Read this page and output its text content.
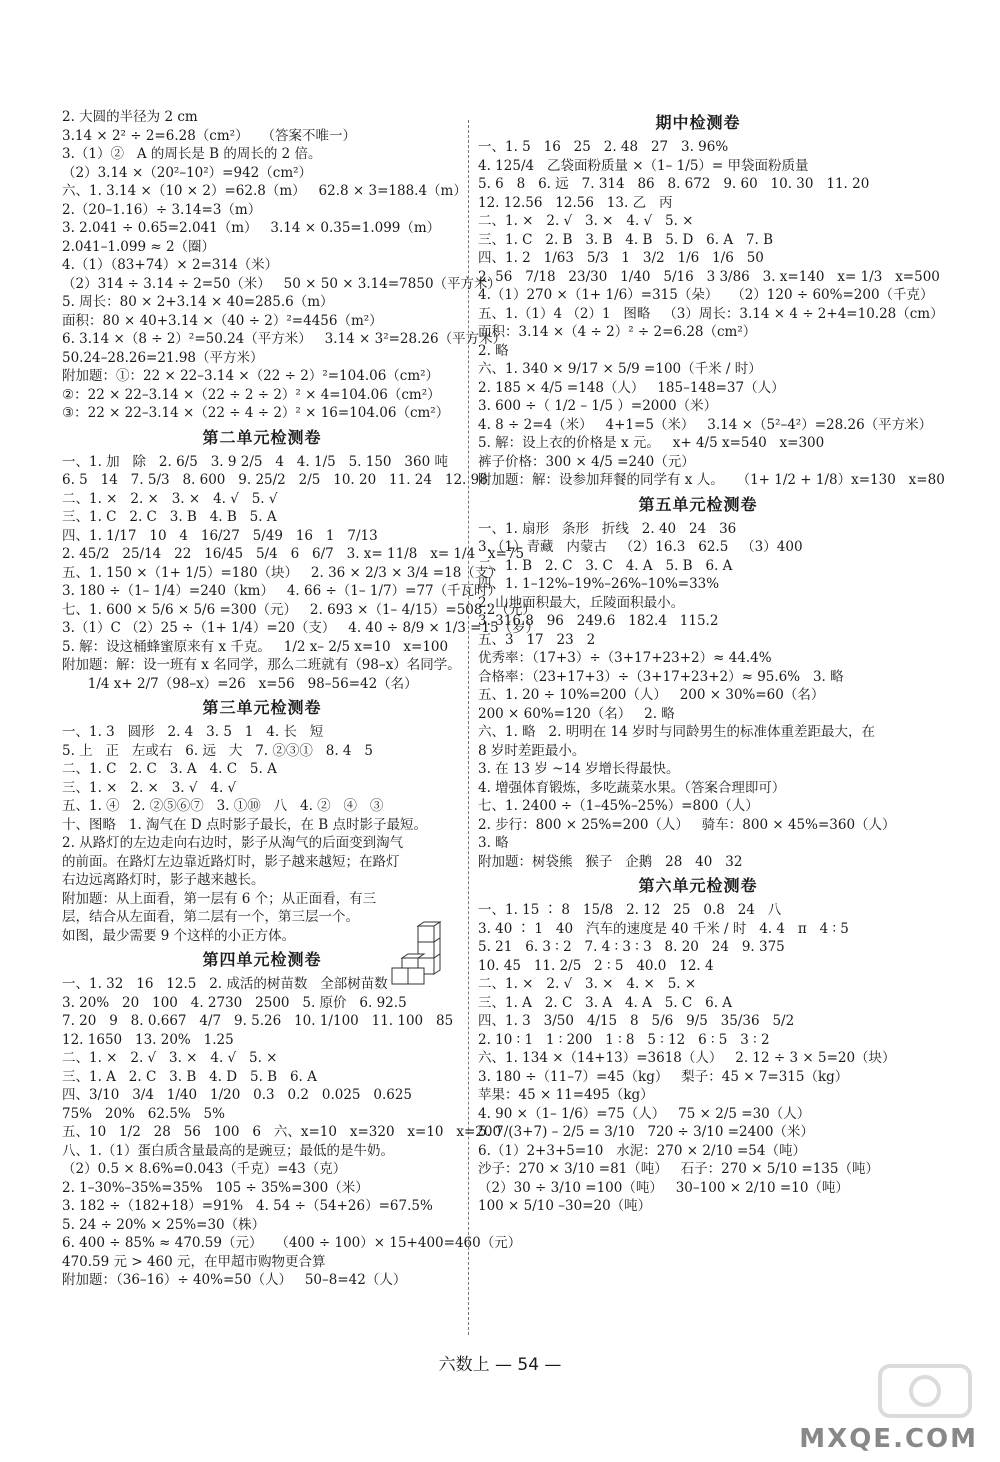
2. 大圆的半径为 2 cm
3.14 × 2² ÷ 2=6.28（cm²）   （答案不唯一）
3.（1）②   A 的周长是 B 的周长的 2 倍。
（2）3.14 ×（20²–10²）=942（cm²）
六、1. 3.14 ×（10 × 2）=62.8（m）   62.8 × 3=188.4（m）
2.（20–1.16）÷ 3.14=3（m）
3. 2.041 ÷ 0.65=2.041（m）   3.14 × 0.35=1.099（m）
2.041–1.099 ≈ 2（圈）
4.（1）（83+74）× 2=314（米）
（2）314 ÷ 3.14 ÷ 2=50（米）   50 × 50 × 3.14=7850（平方米）
5. 周长：80 × 2+3.14 × 40=285.6（m）
面积：80 × 40+3.14 ×（40 ÷ 2）²=4456（m²）
6. 3.14 ×（8 ÷ 2）²=50.24（平方米）   3.14 × 3²=28.26（平方米）
50.24–28.26=21.98（平方米）
附加题：①：22 × 22–3.14 ×（22 ÷ 2）²=104.06（cm²）
②：22 × 22–3.14 ×（22 ÷ 2 ÷ 2）² × 4=104.06（cm²）
③：22 × 22–3.14 ×（22 ÷ 4 ÷ 2）² × 16=104.06（cm²）
第二单元检测卷
一、1. 加   除   2. 6/5   3. 9 2/5   4   4. 1/5   5. 150   360 吨
6. 5   14   7. 5/3   8. 600   9. 25/2   2/5   10. 20   11. 24   12. 98
二、1. ×   2. ×   3. ×   4. √   5. √
三、1. C   2. C   3. B   4. B   5. A
四、1. 1/17   10   4   16/27   5/49   16   1   7/13
2. 45/2   25/14   22   16/45   5/4   6   6/7   3. x= 11/8   x= 1/4   x=75
五、1. 150 ×（1+ 1/5）=180（块）   2. 36 × 2/3 × 3/4 =18（支）
3. 180 ÷（1– 1/4）=240（km）   4. 66 ÷（1– 1/7）=77（千瓦时）
七、1. 600 × 5/6 × 5/6 =300（元）   2. 693 ×（1– 4/15）=508.2（元）
3.（1）C （2）25 ÷（1+ 1/4）=20（支）   4. 40 ÷ 8/9 × 1/3 =15（岁）
5. 解：设这桶蜂蜜原来有 x 千克。   1/2 x– 2/5 x=10   x=100
附加题：解：设一班有 x 名同学，那么二班就有（98–x）名同学。
1/4 x+ 2/7（98–x）=26   x=56   98–56=42（名）
第三单元检测卷
一、1. 3   圆形   2. 4   3. 5   1   4. 长   短
5. 上   正   左或右   6. 远   大   7. ②③①   8. 4   5
二、1. C   2. C   3. A   4. C   5. A
三、1. ×   2. ×   3. √   4. √
五、1. ④   2. ②⑤⑥⑦   3. ①⑩   八   4. ②   ④   ③
十、图略   1. 淘气在 D 点时影子最长，在 B 点时影子最短。
2. 从路灯的左边走向右边时，影子从淘气的后面变到淘气
的前面。在路灯左边靠近路灯时，影子越来越短；在路灯
右边远离路灯时，影子越来越长。
附加题：从上面看，第一层有 6 个；从正面看，有三
层，结合从左面看，第二层有一个，第三层一个。
如图，最少需要 9 个这样的小正方体。
第四单元检测卷
一、1. 32   16   12.5   2. 成活的树苗数   全部树苗数
3. 20%   20   100   4. 2730   2500   5. 原价   6. 92.5
7. 20   9   8. 0.667   4/7   9. 5.26   10. 1/100   11. 100   85
12. 1650   13. 20%   1.25
二、1. ×   2. √   3. ×   4. √   5. ×
三、1. A   2. C   3. B   4. D   5. B   6. A
四、3/10   3/4   1/40   1/20   0.3   0.2   0.025   0.625
75%   20%   62.5%   5%
五、10   1/2   28   56   100   6   六、x=10   x=320   x=10   x=200
八、1.（1）蛋白质含量最高的是豌豆；最低的是牛奶。
（2）0.5 × 8.6%=0.043（千克）=43（克）
2. 1–30%–35%=35%   105 ÷ 35%=300（米）
3. 182 ÷（182+18）=91%   4. 54 ÷（54+26）=67.5%
5. 24 ÷ 20% × 25%=30（株）
6. 400 ÷ 85% ≈ 470.59（元）   （400 ÷ 100）× 15+400=460（元）
470.59 元 > 460 元，在甲超市购物更合算
附加题：（36–16）÷ 40%=50（人）   50–8=42（人）
期中检测卷
一、1. 5   16   25   2. 48   27   3. 96%
4. 125/4   乙袋面粉质量 ×（1– 1/5）= 甲袋面粉质量
5. 6   8   6. 远   7. 314   86   8. 672   9. 60   10. 30   11. 20
12. 12.56   12.56   13. 乙   丙
二、1. ×   2. √   3. ×   4. √   5. ×
三、1. C   2. B   3. B   4. B   5. D   6. A   7. B
四、1. 2   1/63   5/3   1   3/2   1/6   1/6   50
2. 56   7/18   23/30   1/40   5/16   3 3/86   3. x=140   x= 1/3   x=500
4.（1）270 ×（1+ 1/6）=315（朵）   （2）120 ÷ 60%=200（千克）
五、1.（1）4 （2）1   图略   （3）周长：3.14 × 4 ÷ 2+4=10.28（cm）
面积：3.14 ×（4 ÷ 2）² ÷ 2=6.28（cm²）
2. 略
六、1. 340 × 9/17 × 5/9 =100（千米 / 时）
2. 185 × 4/5 =148（人）   185–148=37（人）
3. 600 ÷（ 1/2 – 1/5 ）=2000（米）
4. 8 ÷ 2=4（米）   4+1=5（米）   3.14 ×（5²–4²）=28.26（平方米）
5. 解：设上衣的价格是 x 元。   x+ 4/5 x=540   x=300
裤子价格：300 × 4/5 =240（元）
附加题：解：设参加拜餐的同学有 x 人。   （1+ 1/2 + 1/8）x=130   x=80
第五单元检测卷
一、1. 扇形   条形   折线   2. 40   24   36
3.（1）青藏   内蒙古   （2）16.3   62.5   （3）400
二、1. B   2. C   3. C   4. A   5. B   6. A
四、1. 1–12%–19%–26%–10%=33%
2. 山地面积最大，丘陵面积最小。
3. 316.8   96   249.6   182.4   115.2
五、3   17   23   2
优秀率：（17+3）÷（3+17+23+2）≈ 44.4%
合格率：（23+17+3）÷（3+17+23+2）≈ 95.6%   3. 略
五、1. 20 ÷ 10%=200（人）   200 × 30%=60（名）
200 × 60%=120（名）   2. 略
六、1. 略   2. 明明在 14 岁时与同龄男生的标准体重差距最大，在
8 岁时差距最小。
3. 在 13 岁 ~14 岁增长得最快。
4. 增强体育锻炼，多吃蔬菜水果。（答案合理即可）
七、1. 2400 ÷（1–45%–25%）=800（人）
2. 步行：800 × 25%=200（人）   骑车：800 × 45%=360（人）
3. 略
附加题：树袋熊   猴子   企鹅   28   40   32
第六单元检测卷
一、1. 15 ∶ 8   15/8   2. 12   25   0.8   24   八
3. 40 ∶ 1   40   汽车的速度是 40 千米 / 时   4. 4   π   4 ∶ 5
5. 21   6. 3 ∶ 2   7. 4 ∶ 3 ∶ 3   8. 20   24   9. 375
10. 45   11. 2/5   2 ∶ 5   40.0   12. 4
二、1. ×   2. √   3. ×   4. ×   5. ×
三、1. A   2. C   3. A   4. A   5. C   6. A
四、1. 3   3/50   4/15   8   5/6   9/5   35/36   5/2
2. 10 ∶ 1   1 ∶ 200   1 ∶ 8   5 ∶ 12   6 ∶ 5   3 ∶ 2
六、1. 134 ×（14+13）=3618（人）   2. 12 ÷ 3 × 5=20（块）
3. 180 ÷（11–7）=45（kg）   梨子：45 × 7=315（kg）
苹果：45 × 11=495（kg）
4. 90 ×（1– 1/6）=75（人）   75 × 2/5 =30（人）
5. 7/(3+7) – 2/5 = 3/10   720 ÷ 3/10 =2400（米）
6.（1）2+3+5=10   水泥：270 × 2/10 =54（吨）
沙子：270 × 3/10 =81（吨）   石子：270 × 5/10 =135（吨）
（2）30 ÷ 3/10 =100（吨）   30–100 × 2/10 =10（吨）
100 × 5/10 –30=20（吨）
六数上 — 54 —
MXQE.COM
